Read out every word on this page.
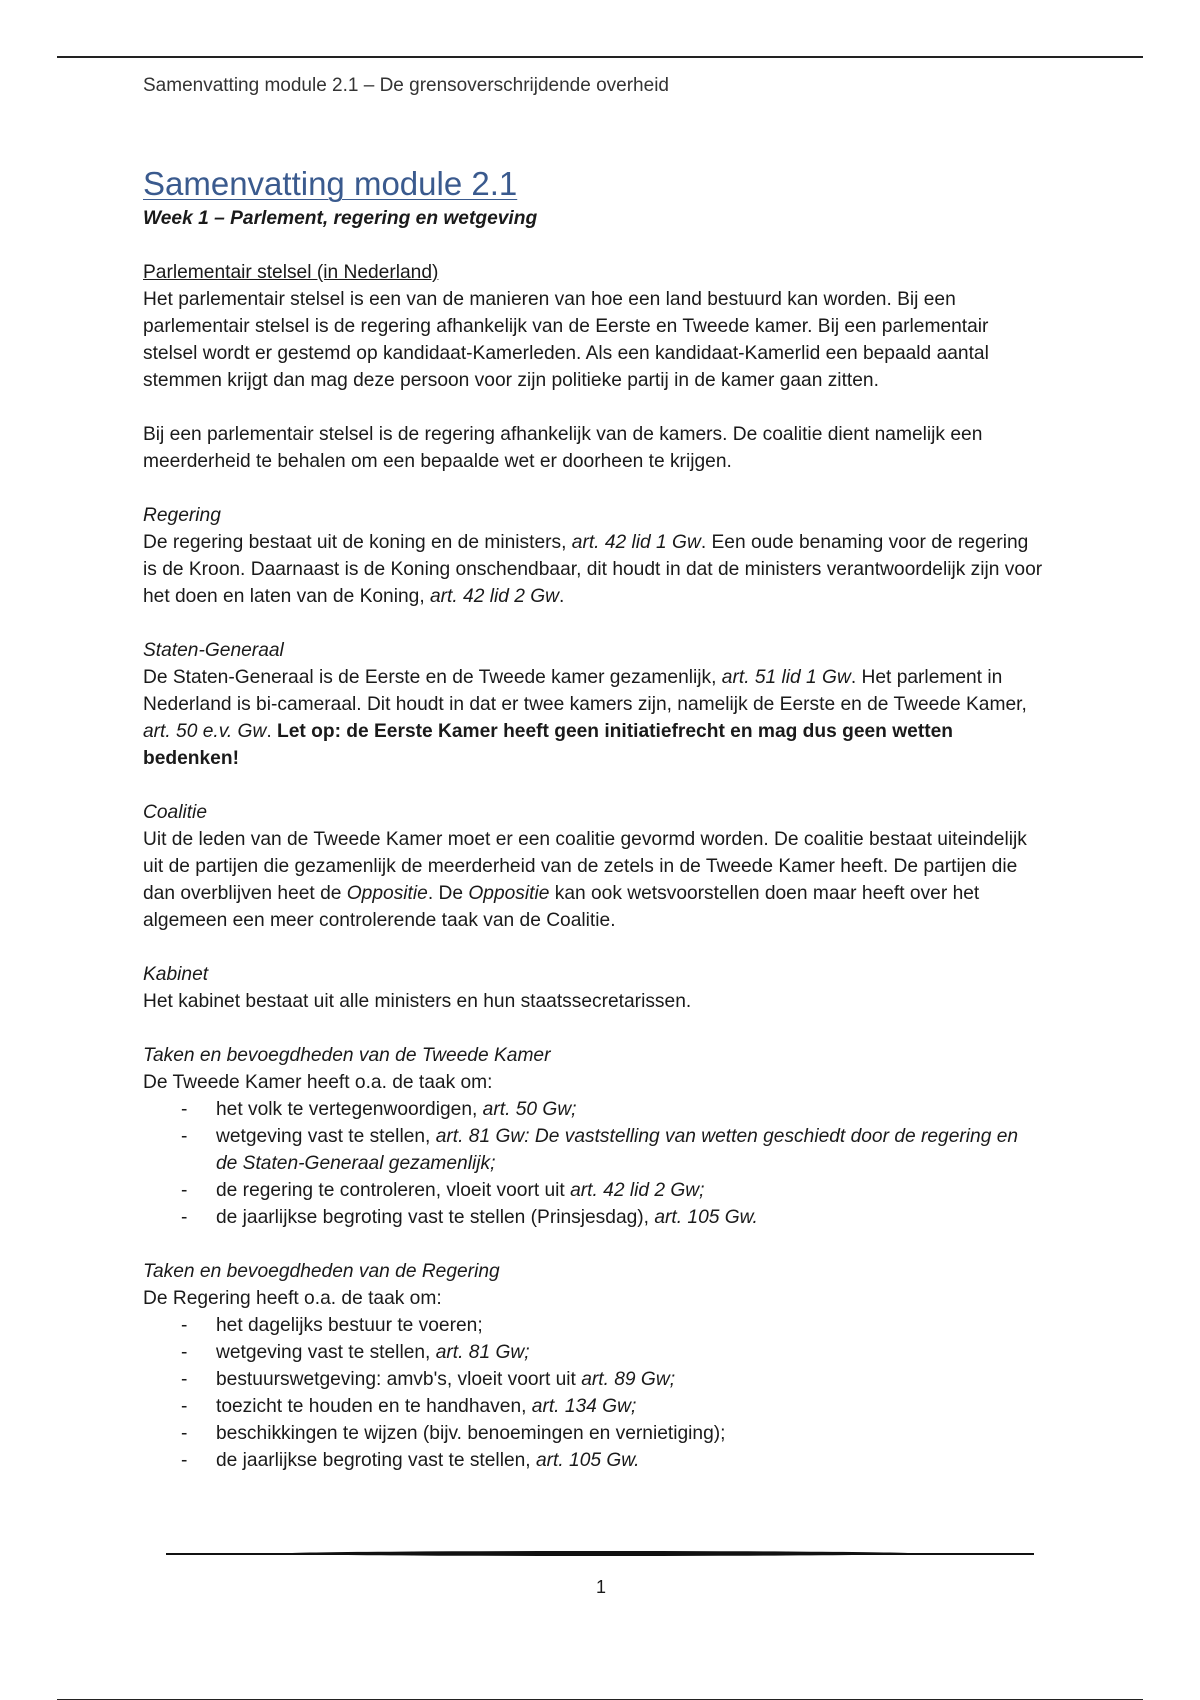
Samenvatting module 2.1 – De grensoverschrijdende overheid
Samenvatting module 2.1

Week 1 – Parlement, regering en wetgeving

Parlementair stelsel (in Nederland)

Het parlementair stelsel is een van de manieren van hoe een land bestuurd kan worden. Bij een parlementair stelsel is de regering afhankelijk van de Eerste en Tweede kamer. Bij een parlementair stelsel wordt er gestemd op kandidaat-Kamerleden. Als een kandidaat-Kamerlid een bepaald aantal stemmen krijgt dan mag deze persoon voor zijn politieke partij in de kamer gaan zitten.

Bij een parlementair stelsel is de regering afhankelijk van de kamers. De coalitie dient namelijk een meerderheid te behalen om een bepaalde wet er doorheen te krijgen.

Regering

De regering bestaat uit de koning en de ministers, art. 42 lid 1 Gw. Een oude benaming voor de regering is de Kroon. Daarnaast is de Koning onschendbaar, dit houdt in dat de ministers verantwoordelijk zijn voor het doen en laten van de Koning, art. 42 lid 2 Gw.

Staten-Generaal

De Staten-Generaal is de Eerste en de Tweede kamer gezamenlijk, art. 51 lid 1 Gw. Het parlement in Nederland is bi-cameraal. Dit houdt in dat er twee kamers zijn, namelijk de Eerste en de Tweede Kamer, art. 50 e.v. Gw. Let op: de Eerste Kamer heeft geen initiatiefrecht en mag dus geen wetten bedenken!

Coalitie

Uit de leden van de Tweede Kamer moet er een coalitie gevormd worden. De coalitie bestaat uiteindelijk uit de partijen die gezamenlijk de meerderheid van de zetels in de Tweede Kamer heeft. De partijen die dan overblijven heet de Oppositie. De Oppositie kan ook wetsvoorstellen doen maar heeft over het algemeen een meer controlerende taak van de Coalitie.

Kabinet

Het kabinet bestaat uit alle ministers en hun staatssecretarissen.

Taken en bevoegdheden van de Tweede Kamer

De Tweede Kamer heeft o.a. de taak om:

- het volk te vertegenwoordigen, art. 50 Gw;
- wetgeving vast te stellen, art. 81 Gw: De vaststelling van wetten geschiedt door de regering en de Staten-Generaal gezamenlijk;
- de regering te controleren, vloeit voort uit art. 42 lid 2 Gw;
- de jaarlijkse begroting vast te stellen (Prinsjesdag), art. 105 Gw.

Taken en bevoegdheden van de Regering

De Regering heeft o.a. de taak om:

- het dagelijks bestuur te voeren;
- wetgeving vast te stellen, art. 81 Gw;
- bestuurswetgeving: amvb's, vloeit voort uit art. 89 Gw;
- toezicht te houden en te handhaven, art. 134 Gw;
- beschikkingen te wijzen (bijv. benoemingen en vernietiging);
- de jaarlijkse begroting vast te stellen, art. 105 Gw.
1
